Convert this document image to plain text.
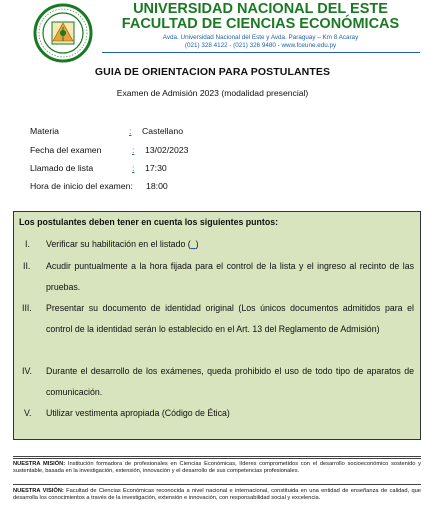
UNIVERSIDAD NACIONAL DEL ESTE
FACULTAD DE CIENCIAS ECONÓMICAS
Avda. Universidad Nacional del Este y Avda. Paraguay – Km 8 Acaray
(021) 328 4122 - (021) 326 9480 - www.fceune.edu.py
GUIA DE ORIENTACION PARA POSTULANTES
Examen de Admisión 2023 (modalidad presencial)
Materia	: Castellano
Fecha del examen	: 13/02/2023
Llamado de lista	: 17:30
Hora de inicio del examen: 18:00
Los postulantes deben tener en cuenta los siguientes puntos:
I. Verificar su habilitación en el listado (_)
II. Acudir puntualmente a la hora fijada para el control de la lista y el ingreso al recinto de las pruebas.
III. Presentar su documento de identidad original (Los únicos documentos admitidos para el control de la identidad serán lo establecido en el Art. 13 del Reglamento de Admisión)
IV. Durante el desarrollo de los exámenes, queda prohibido el uso de todo tipo de aparatos de comunicación.
V. Utilizar vestimenta apropiada (Código de Ética)
NUESTRA MISIÓN: Institución formadora de profesionales en Ciencias Económicas, líderes comprometidos con el desarrollo socioeconómico sostenido y sustentable, basada en la investigación, extensión, innovación y el desarrollo de sus competencias profesionales.
NUESTRA VISIÓN: Facultad de Ciencias Económicas reconocida a nivel nacional e internacional, constituida en una entidad de enseñanza de calidad, que desarrolla los conocimientos a través de la investigación, extensión e innovación, con responsabilidad social y excelencia.
